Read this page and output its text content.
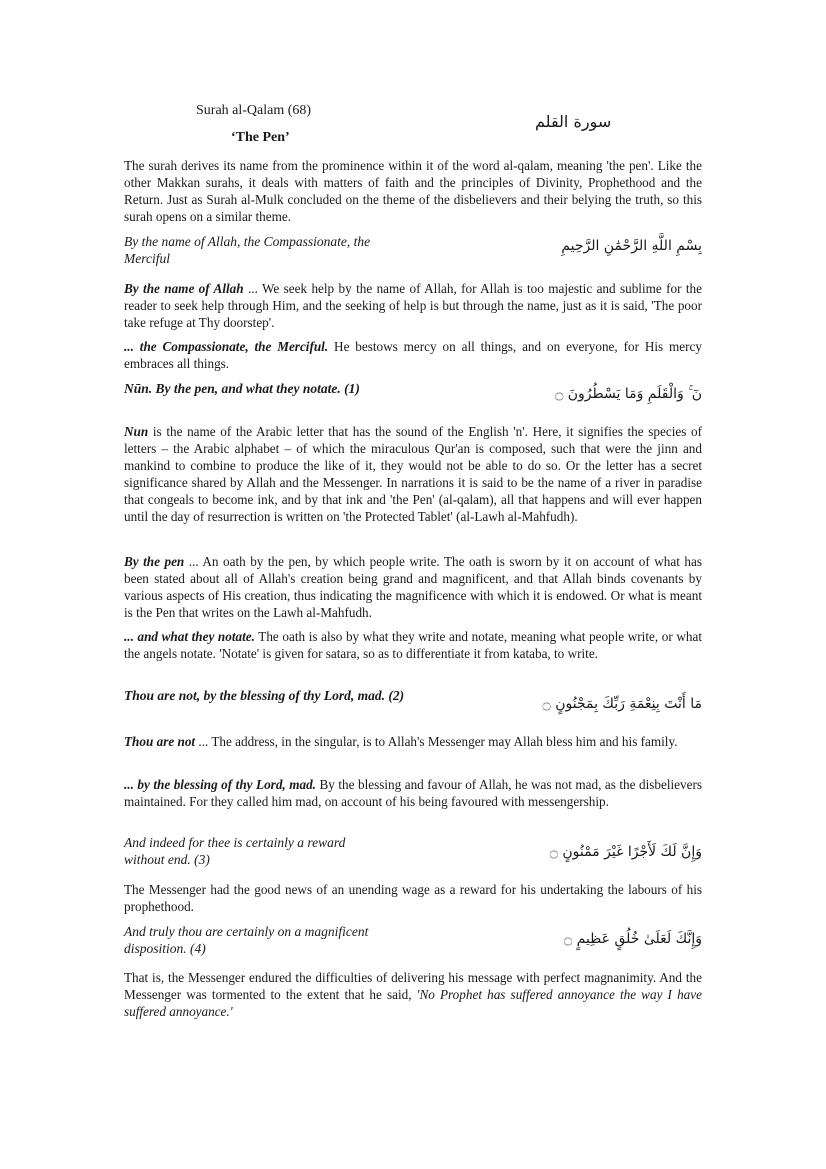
Surah al-Qalam (68)
‘The Pen’
سورة القلم

The surah derives its name from the prominence within it of the word al-qalam, meaning 'the pen'. Like the other Makkan surahs, it deals with matters of faith and the principles of Divinity, Prophethood and the Return. Just as Surah al-Mulk concluded on the theme of the disbelievers and their belying the truth, so this surah opens on a similar theme.

By the name of Allah, the Compassionate, the Merciful

بِسْمِ اللَّهِ الرَّحْمَٰنِ الرَّحِيمِ

By the name of Allah ... We seek help by the name of Allah, for Allah is too majestic and sublime for the reader to seek help through Him, and the seeking of help is but through the name, just as it is said, 'The poor take refuge at Thy doorstep'.

... the Compassionate, the Merciful. He bestows mercy on all things, and on everyone, for His mercy embraces all things.

Nūn. By the pen, and what they notate. (1)	نٓ ۚ وَالْقَلَمِ وَمَا يَسْطُرُونَ ۝

Nun is the name of the Arabic letter that has the sound of the English 'n'. Here, it signifies the species of letters – the Arabic alphabet – of which the miraculous Qur'an is composed, such that were the jinn and mankind to combine to produce the like of it, they would not be able to do so. Or the letter has a secret significance shared by Allah and the Messenger. In narrations it is said to be the name of a river in paradise that congeals to become ink, and by that ink and 'the Pen' (al-qalam), all that happens and will ever happen until the day of resurrection is written on 'the Protected Tablet' (al-Lawh al-Mahfudh).

By the pen ... An oath by the pen, by which people write. The oath is sworn by it on account of what has been stated about all of Allah's creation being grand and magnificent, and that Allah binds covenants by various aspects of His creation, thus indicating the magnificence with which it is endowed. Or what is meant is the Pen that writes on the Lawh al-Mahfudh.

... and what they notate. The oath is also by what they write and notate, meaning what people write, or what the angels notate. 'Notate' is given for satara, so as to differentiate it from kataba, to write.

Thou are not, by the blessing of thy Lord, mad. (2)

مَا أَنْتَ بِنِعْمَةِ رَبِّكَ بِمَجْنُونٍ ۝

Thou are not ... The address, in the singular, is to Allah's Messenger may Allah bless him and his family.

... by the blessing of thy Lord, mad. By the blessing and favour of Allah, he was not mad, as the disbelievers maintained. For they called him mad, on account of his being favoured with messengership.

And indeed for thee is certainly a reward without end. (3)	وَإِنَّ لَكَ لَأَجْرًا غَيْرَ مَمْنُونٍ ۝

The Messenger had the good news of an unending wage as a reward for his undertaking the labours of his prophethood.

And truly thou are certainly on a magnificent disposition. (4)

وَإِنَّكَ لَعَلَىٰ خُلُقٍ عَظِيمٍ ۝

That is, the Messenger endured the difficulties of delivering his message with perfect magnanimity. And the Messenger was tormented to the extent that he said, 'No Prophet has suffered annoyance the way I have suffered annoyance.'
